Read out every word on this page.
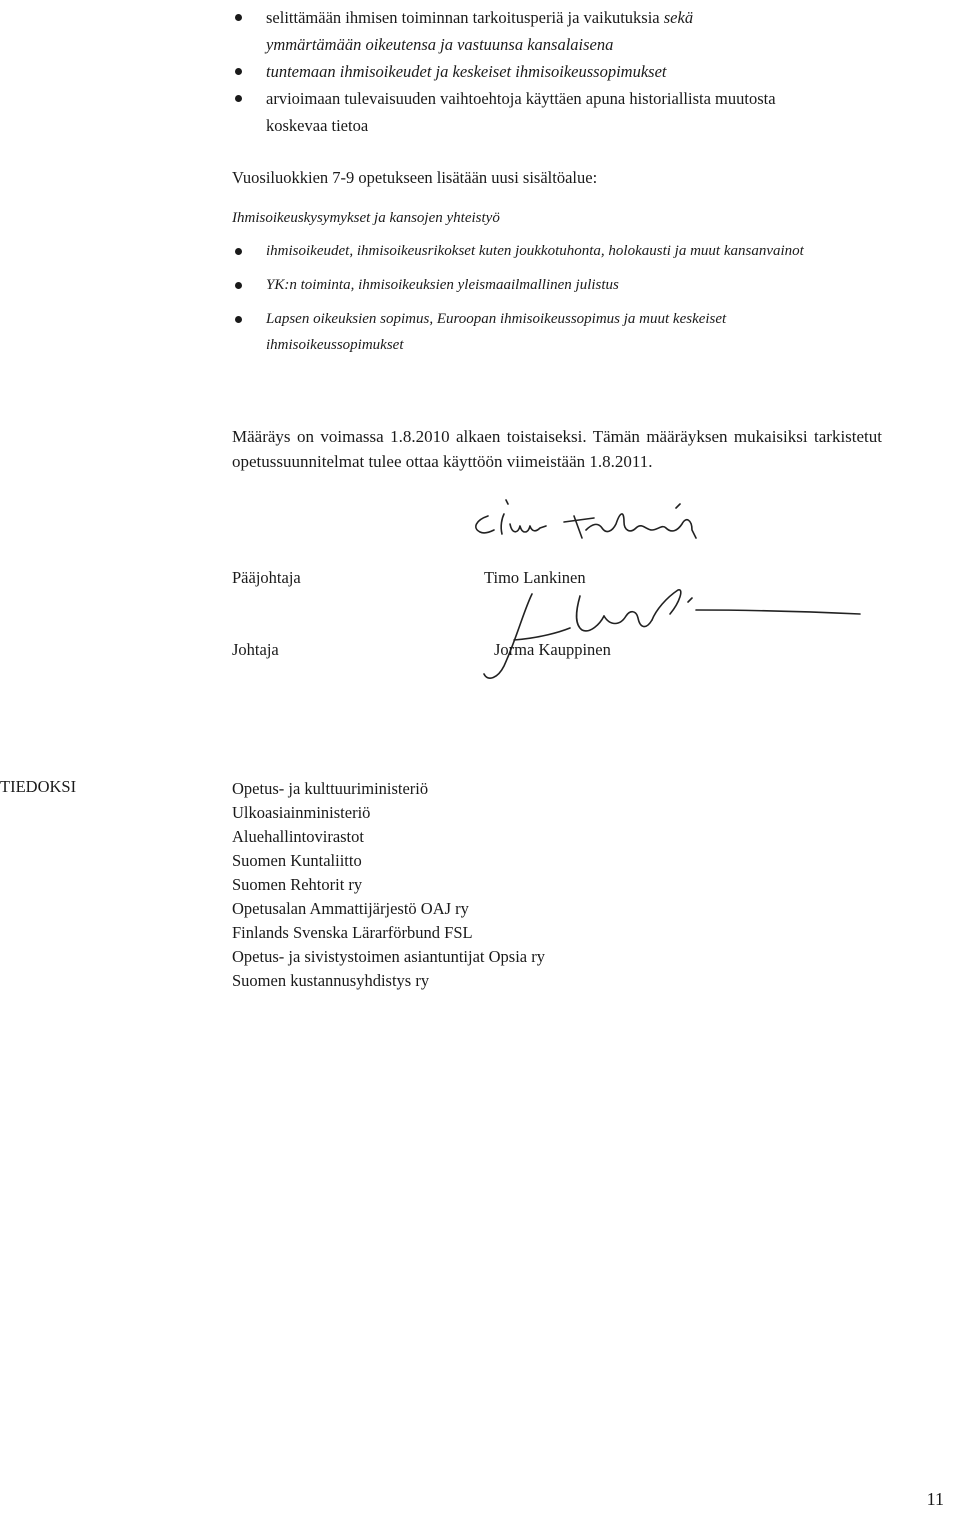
selittämään ihmisen toiminnan tarkoitusperiä ja vaikutuksia sekä
ymmärtämään oikeutensa ja vastuunsa kansalaisena
tuntemaan ihmisoikeudet ja keskeiset ihmisoikeussopimukset
arvioimaan tulevaisuuden vaihtoehtoja käyttäen apuna historiallista muutosta koskevaa tietoa
Vuosiluokkien 7-9 opetukseen lisätään uusi sisältöalue:
Ihmisoikeuskysymykset ja kansojen yhteistyö
ihmisoikeudet, ihmisoikeusrikokset kuten joukkotuhonta, holokausti ja muut kansanvainot
YK:n toiminta, ihmisoikeuksien yleismaailmallinen julistus
Lapsen oikeuksien sopimus, Euroopan ihmisoikeussopimus ja muut keskeiset ihmisoikeussopimukset
Määräys on voimassa 1.8.2010 alkaen toistaiseksi. Tämän määräyksen mukaisiksi tarkistetut opetussuunnitelmat tulee ottaa käyttöön viimeistään 1.8.2011.
Pääjohtaja	Timo Lankinen
Johtaja	Jorma Kauppinen
TIEDOKSI	Opetus- ja kulttuuriministeriö
Ulkoasiainministeriö
Aluehallintovirastot
Suomen Kuntaliitto
Suomen Rehtorit ry
Opetusalan Ammattijärjestö OAJ ry
Finlands Svenska Lärarförbund FSL
Opetus- ja sivistystoimen asiantuntijat Opsia ry
Suomen kustannusyhdistys ry
11
